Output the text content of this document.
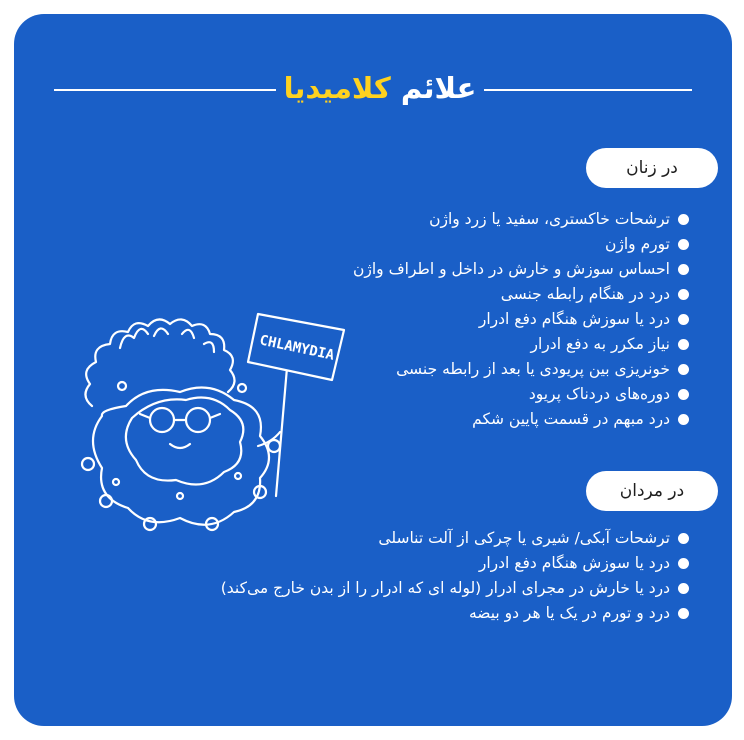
علائم کلامیدیا
در زنان
ترشحات خاکستری، سفید یا زرد واژن
تورم واژن
احساس سوزش و خارش در داخل و اطراف واژن
درد در هنگام رابطه جنسی
درد یا سوزش هنگام دفع ادرار
نیاز مکرر به دفع ادرار
خونریزی بین پریودی یا بعد از رابطه جنسی
دوره‌های دردناک پریود
درد مبهم در قسمت پایین شکم
در مردان
ترشحات آبکی/ شیری یا چرکی از آلت تناسلی
درد یا سوزش هنگام دفع ادرار
درد یا خارش در مجرای ادرار (لوله ای که ادرار را از بدن خارج می‌کند)
درد و تورم در یک یا هر دو بیضه
CHLAMYDIA
